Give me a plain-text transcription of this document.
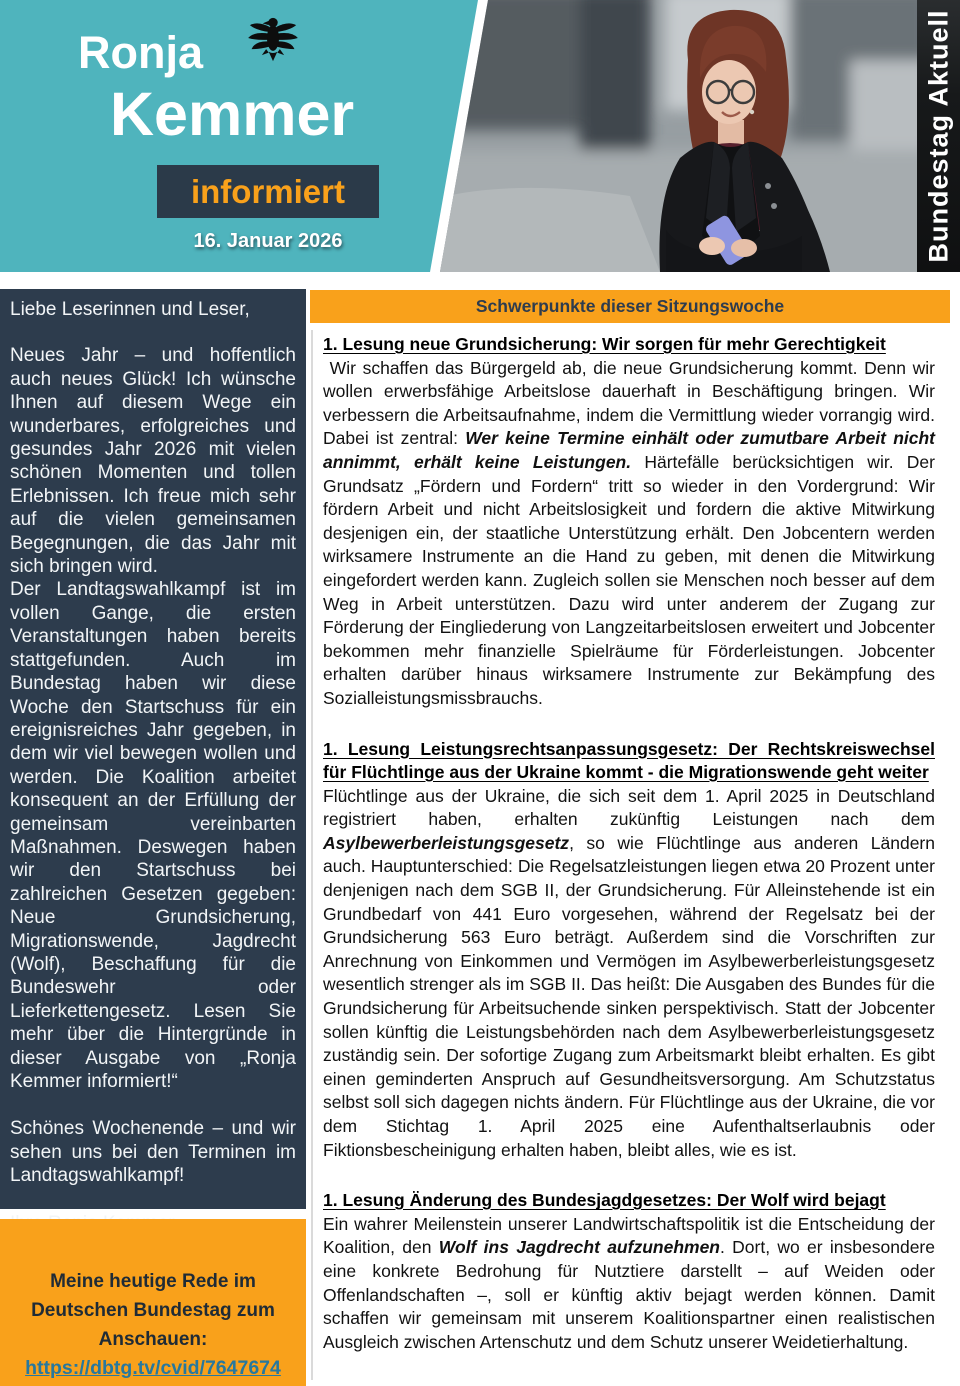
Ronja
Kemmer
informiert
16. Januar 2026	Bundestag Aktuell

Liebe Leserinnen und Leser,

Neues Jahr – und hoffentlich auch neues Glück! Ich wünsche Ihnen auf diesem Wege ein wunderbares, erfolgreiches und gesundes Jahr 2026 mit vielen schönen Momenten und tollen Erlebnissen. Ich freue mich sehr auf die vielen gemeinsamen Begegnungen, die das Jahr mit sich bringen wird.

Der Landtagswahlkampf ist im vollen Gange, die ersten Veranstaltungen haben bereits stattgefunden. Auch im Bundestag haben wir diese Woche den Startschuss für ein ereignisreiches Jahr gegeben, in dem wir viel bewegen wollen und werden. Die Koalition arbeitet konsequent an der Erfüllung der gemeinsam vereinbarten Maßnahmen. Deswegen haben wir den Startschuss bei zahlreichen Gesetzen gegeben: Neue Grundsicherung, Migrationswende, Jagdrecht (Wolf), Beschaffung für die Bundeswehr oder Lieferkettengesetz. Lesen Sie mehr über die Hintergründe in dieser Ausgabe von „Ronja Kemmer informiert!“

Schönes Wochenende – und wir sehen uns bei den Terminen im Landtagswahlkampf!

Meine heutige Rede im Deutschen Bundestag zum Anschauen:

https://dbtg.tv/cvid/7647674
Schwerpunkte dieser Sitzungswoche
1. Lesung neue Grundsicherung: Wir sorgen für mehr Gerechtigkeit

Wir schaffen das Bürgergeld ab, die neue Grundsicherung kommt. Denn wir wollen erwerbsfähige Arbeitslose dauerhaft in Beschäftigung bringen. Wir verbessern die Arbeitsaufnahme, indem die Vermittlung wieder vorrangig wird. Dabei ist zentral: Wer keine Termine einhält oder zumutbare Arbeit nicht annimmt, erhält keine Leistungen. Härtefälle berücksichtigen wir. Der Grundsatz „Fördern und Fordern“ tritt so wieder in den Vordergrund: Wir fördern Arbeit und nicht Arbeitslosigkeit und fordern die aktive Mitwirkung desjenigen ein, der staatliche Unterstützung erhält. Den Jobcentern werden wirksamere Instrumente an die Hand zu geben, mit denen die Mitwirkung eingefordert werden kann. Zugleich sollen sie Menschen noch besser auf dem Weg in Arbeit unterstützen. Dazu wird unter anderem der Zugang zur Förderung der Eingliederung von Langzeitarbeitslosen erweitert und Jobcenter bekommen mehr finanzielle Spielräume für Förderleistungen. Jobcenter erhalten darüber hinaus wirksamere Instrumente zur Bekämpfung des Sozialleistungsmissbrauchs.

1. Lesung Leistungsrechtsanpassungsgesetz: Der Rechtskreiswechsel für Flüchtlinge aus der Ukraine kommt - die Migrationswende geht weiter

Flüchtlinge aus der Ukraine, die sich seit dem 1. April 2025 in Deutschland registriert haben, erhalten zukünftig Leistungen nach dem Asylbewerberleistungsgesetz, so wie Flüchtlinge aus anderen Ländern auch. Hauptunterschied: Die Regelsatzleistungen liegen etwa 20 Prozent unter denjenigen nach dem SGB II, der Grundsicherung. Für Alleinstehende ist ein Grundbedarf von 441 Euro vorgesehen, während der Regelsatz bei der Grundsicherung 563 Euro beträgt. Außerdem sind die Vorschriften zur Anrechnung von Einkommen und Vermögen im Asylbewerberleistungsgesetz wesentlich strenger als im SGB II. Das heißt: Die Ausgaben des Bundes für die Grundsicherung für Arbeitsuchende sinken perspektivisch. Statt der Jobcenter sollen künftig die Leistungsbehörden nach dem Asylbewerberleistungsgesetz zuständig sein. Der sofortige Zugang zum Arbeitsmarkt bleibt erhalten. Es gibt einen geminderten Anspruch auf Gesundheitsversorgung. Am Schutzstatus selbst soll sich dagegen nichts ändern. Für Flüchtlinge aus der Ukraine, die vor dem Stichtag 1. April 2025 eine Aufenthaltserlaubnis oder Fiktionsbescheinigung erhalten haben, bleibt alles, wie es ist.

1. Lesung Änderung des Bundesjagdgesetzes: Der Wolf wird bejagt

Ein wahrer Meilenstein unserer Landwirtschaftspolitik ist die Entscheidung der Koalition, den Wolf ins Jagdrecht aufzunehmen. Dort, wo er insbesondere eine konkrete Bedrohung für Nutztiere darstellt – auf Weiden oder Offenlandschaften –, soll er künftig aktiv bejagt werden können. Damit schaffen wir gemeinsam mit unserem Koalitionspartner einen realistischen Ausgleich zwischen Artenschutz und dem Schutz unserer Weidetierhaltung.
